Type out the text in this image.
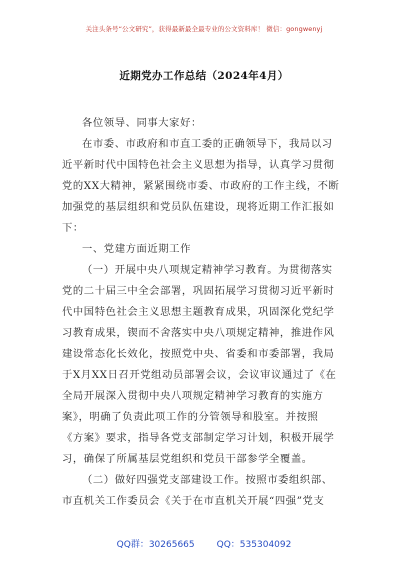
关注头条号“公文研究”，获得最新最全最专业的公文资料库！ 微信：gongwenyj
近期党办工作总结（2024年4月）
各位领导、同事大家好：
在市委、市政府和市直工委的正确领导下，我局以习
近平新时代中国特色社会主义思想为指导，认真学习贯彻
党的XX大精神，紧紧围绕市委、市政府的工作主线，不断
加强党的基层组织和党员队伍建设，现将近期工作汇报如
下：
一、党建方面近期工作
（一）开展中央八项规定精神学习教育。为贯彻落实
党的二十届三中全会部署，巩固拓展学习贯彻习近平新时
代中国特色社会主义思想主题教育成果，巩固深化党纪学
习教育成果，锲而不舍落实中央八项规定精神，推进作风
建设常态化长效化，按照党中央、省委和市委部署，我局
于X月XX日召开党组动员部署会议，会议审议通过了《在
全局开展深入贯彻中央八项规定精神学习教育的实施方
案》，明确了负责此项工作的分管领导和股室。并按照
《方案》要求，指导各党支部制定学习计划，积极开展学
习，确保了所属基层党组织和党员干部参学全覆盖。
（二）做好四强党支部建设工作。按照市委组织部、
市直机关工作委员会《关于在市直机关开展“四强”党支
QQ群：30265665 QQ：535304092
